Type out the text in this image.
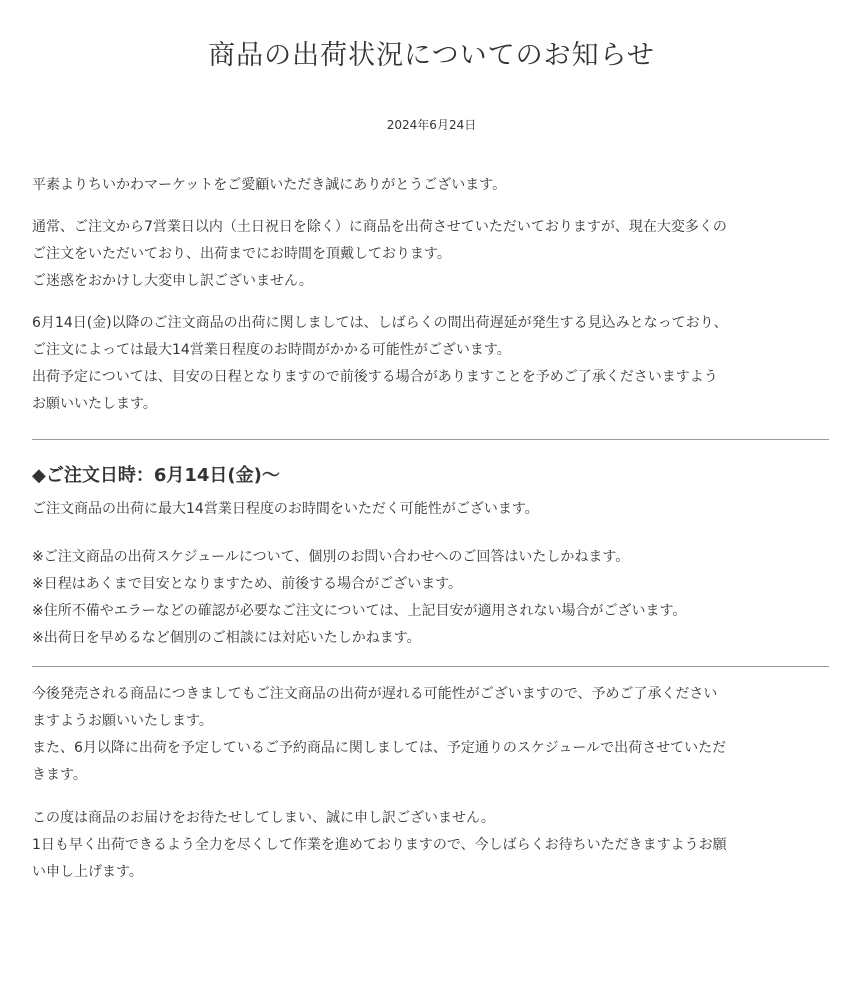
商品の出荷状況についてのお知らせ
2024年6月24日

平素よりちいかわマーケットをご愛顧いただき誠にありがとうございます。

通常、ご注文から7営業日以内（土日祝日を除く）に商品を出荷させていただいておりますが、現在大変多くの
ご注文をいただいており、出荷までにお時間を頂戴しております。
ご迷惑をおかけし大変申し訳ございません。

6月14日(金)以降のご注文商品の出荷に関しましては、しばらくの間出荷遅延が発生する見込みとなっており、
ご注文によっては最大14営業日程度のお時間がかかる可能性がございます。
出荷予定については、目安の日程となりますので前後する場合がありますことを予めご了承くださいますよう
お願いいたします。

◆ご注文日時：6月14日(金)〜

ご注文商品の出荷に最大14営業日程度のお時間をいただく可能性がございます。

※ご注文商品の出荷スケジュールについて、個別のお問い合わせへのご回答はいたしかねます。
※日程はあくまで目安となりますため、前後する場合がございます。
※住所不備やエラーなどの確認が必要なご注文については、上記目安が適用されない場合がございます。
※出荷日を早めるなど個別のご相談には対応いたしかねます。

今後発売される商品につきましてもご注文商品の出荷が遅れる可能性がございますので、予めご了承ください
ますようお願いいたします。
また、6月以降に出荷を予定しているご予約商品に関しましては、予定通りのスケジュールで出荷させていただ
きます。

この度は商品のお届けをお待たせしてしまい、誠に申し訳ございません。
1日も早く出荷できるよう全力を尽くして作業を進めておりますので、今しばらくお待ちいただきますようお願
い申し上げます。
